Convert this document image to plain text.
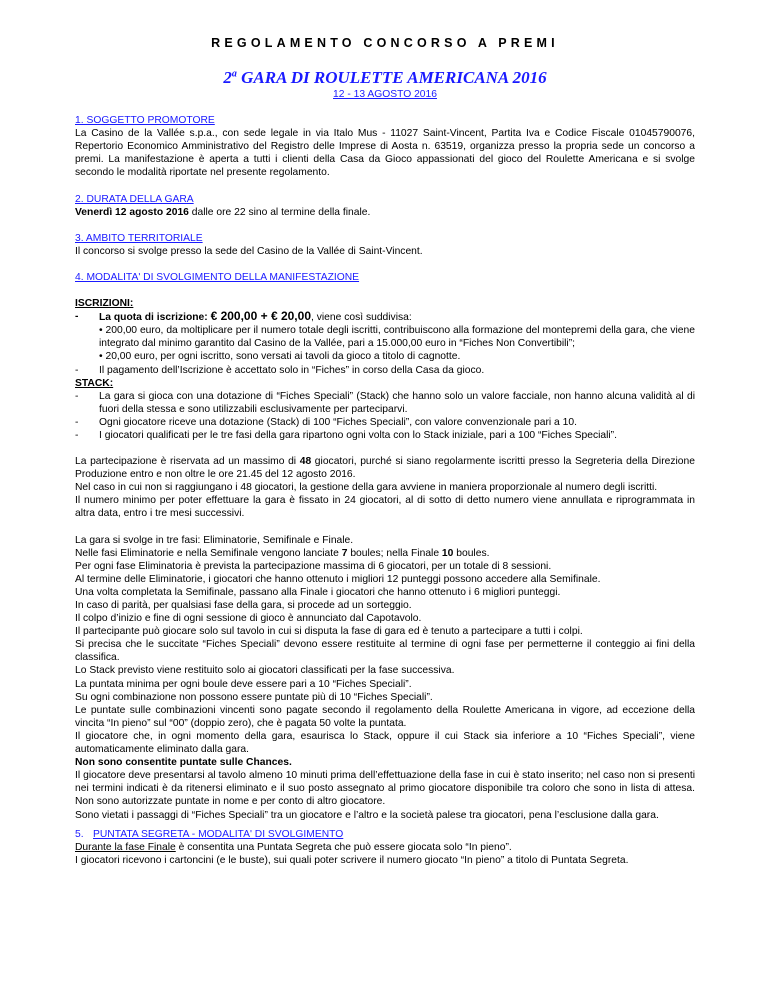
REGOLAMENTO CONCORSO A PREMI
2$^a$ GARA DI ROULETTE AMERICANA 2016
12 - 13 AGOSTO 2016
1. SOGGETTO PROMOTORE

La Casino de la Vallée s.p.a., con sede legale in via Italo Mus - 11027 Saint-Vincent, Partita Iva e Codice Fiscale 01045790076, Repertorio Economico Amministrativo del Registro delle Imprese di Aosta n. 63519, organizza presso la propria sede un concorso a premi. La manifestazione è aperta a tutti i clienti della Casa da Gioco appassionati del gioco del Roulette Americana e si svolge secondo le modalità riportate nel presente regolamento.

2. DURATA DELLA GARA

Venerdì 12 agosto 2016 dalle ore 22 sino al termine della finale.

3. AMBITO TERRITORIALE

Il concorso si svolge presso la sede del Casino de la Vallée di Saint-Vincent.

4. MODALITA' DI SVOLGIMENTO DELLA MANIFESTAZIONE
ISCRIZIONI:
-	La quota di iscrizione: € 200,00 + € 20,00, viene così suddivisa:
• 200,00 euro, da moltiplicare per il numero totale degli iscritti, contribuiscono alla formazione del montepremi della gara, che viene integrato dal minimo garantito dal Casino de la Vallée, pari a 15.000,00 euro in “Fiches Non Convertibili”;
• 20,00 euro, per ogni iscritto, sono versati ai tavoli da gioco a titolo di cagnotte.
-	Il pagamento dell’Iscrizione è accettato solo in “Fiches” in corso della Casa da gioco.
STACK:
-	La gara si gioca con una dotazione di “Fiches Speciali” (Stack) che hanno solo un valore facciale, non hanno alcuna validità al di fuori della stessa e sono utilizzabili esclusivamente per parteciparvi.
-	Ogni giocatore riceve una dotazione (Stack) di 100 “Fiches Speciali”, con valore convenzionale pari a 10.
-	I giocatori qualificati per le tre fasi della gara ripartono ogni volta con lo Stack iniziale, pari a 100 “Fiches Speciali”.

La partecipazione è riservata ad un massimo di 48 giocatori, purché si siano regolarmente iscritti presso la Segreteria della Direzione Produzione entro e non oltre le ore 21.45 del 12 agosto 2016.

Nel caso in cui non si raggiungano i 48 giocatori, la gestione della gara avviene in maniera proporzionale al numero degli iscritti.

Il numero minimo per poter effettuare la gara è fissato in 24 giocatori, al di sotto di detto numero viene annullata e riprogrammata in altra data, entro i tre mesi successivi.

La gara si svolge in tre fasi: Eliminatorie, Semifinale e Finale.

Nelle fasi Eliminatorie e nella Semifinale vengono lanciate 7 boules; nella Finale 10 boules.

Per ogni fase Eliminatoria è prevista la partecipazione massima di 6 giocatori, per un totale di 8 sessioni.

Al termine delle Eliminatorie, i giocatori che hanno ottenuto i migliori 12 punteggi possono accedere alla Semifinale.

Una volta completata la Semifinale, passano alla Finale i giocatori che hanno ottenuto i 6 migliori punteggi.

In caso di parità, per qualsiasi fase della gara, si procede ad un sorteggio.

Il colpo d’inizio e fine di ogni sessione di gioco è annunciato dal Capotavolo.

Il partecipante può giocare solo sul tavolo in cui si disputa la fase di gara ed è tenuto a partecipare a tutti i colpi.

Si precisa che le succitate “Fiches Speciali” devono essere restituite al termine di ogni fase per permetterne il conteggio ai fini della classifica.

Lo Stack previsto viene restituito solo ai giocatori classificati per la fase successiva.

La puntata minima per ogni boule deve essere pari a 10 “Fiches Speciali”.

Su ogni combinazione non possono essere puntate più di 10 “Fiches Speciali”.

Le puntate sulle combinazioni vincenti sono pagate secondo il regolamento della Roulette Americana in vigore, ad eccezione della vincita “In pieno” sul “00” (doppio zero), che è pagata 50 volte la puntata.

Il giocatore che, in ogni momento della gara, esaurisca lo Stack, oppure il cui Stack sia inferiore a 10 “Fiches Speciali”, viene automaticamente eliminato dalla gara.

Non sono consentite puntate sulle Chances.

Il giocatore deve presentarsi al tavolo almeno 10 minuti prima dell’effettuazione della fase in cui è stato inserito; nel caso non si presenti nei termini indicati è da ritenersi eliminato e il suo posto assegnato al primo giocatore disponibile tra coloro che sono in lista di attesa. Non sono autorizzate puntate in nome e per conto di altro giocatore.

Sono vietati i passaggi di “Fiches Speciali” tra un giocatore e l’altro e la società palese tra giocatori, pena l’esclusione dalla gara.

5. PUNTATA SEGRETA - MODALITA' DI SVOLGIMENTO

Durante la fase Finale è consentita una Puntata Segreta che può essere giocata solo “In pieno”.

I giocatori ricevono i cartoncini (e le buste), sui quali poter scrivere il numero giocato “In pieno” a titolo di Puntata Segreta.
